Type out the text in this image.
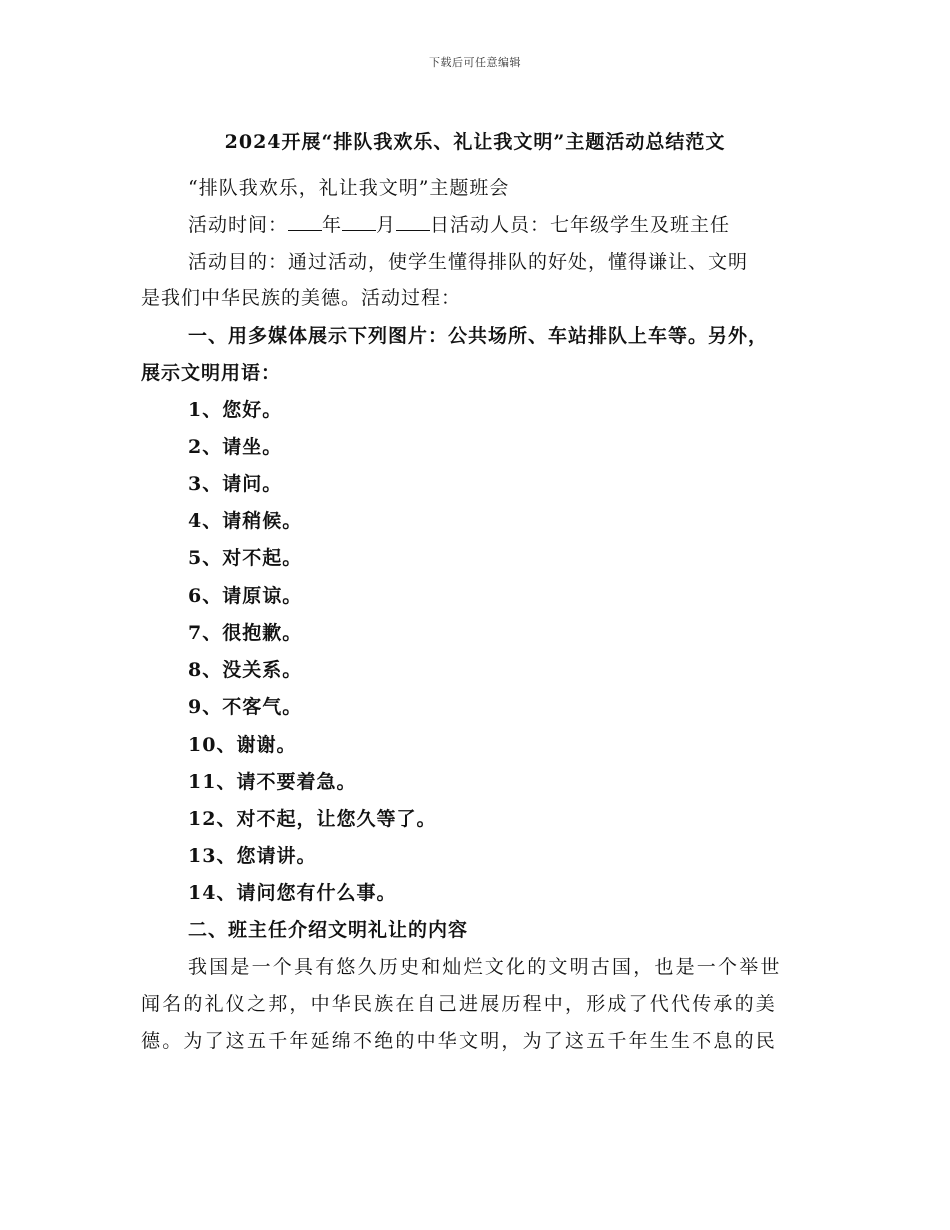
下载后可任意编辑
2024开展“排队我欢乐、礼让我文明”主题活动总结范文
“排队我欢乐，礼让我文明”主题班会
活动时间： 年 月 日活动人员：七年级学生及班主任
活动目的：通过活动，使学生懂得排队的好处，懂得谦让、文明
是我们中华民族的美德。活动过程：
一、用多媒体展示下列图片：公共场所、车站排队上车等。另外，
展示文明用语：
1、您好。
2、请坐。
3、请问。
4、请稍候。
5、对不起。
6、请原谅。
7、很抱歉。
8、没关系。
9、不客气。
10、谢谢。
11、请不要着急。
12、对不起，让您久等了。
13、您请讲。
14、请问您有什么事。
二、班主任介绍文明礼让的内容
我国是一个具有悠久历史和灿烂文化的文明古国，也是一个举世
闻名的礼仪之邦，中华民族在自己进展历程中，形成了代代传承的美
德。为了这五千年延绵不绝的中华文明，为了这五千年生生不息的民
